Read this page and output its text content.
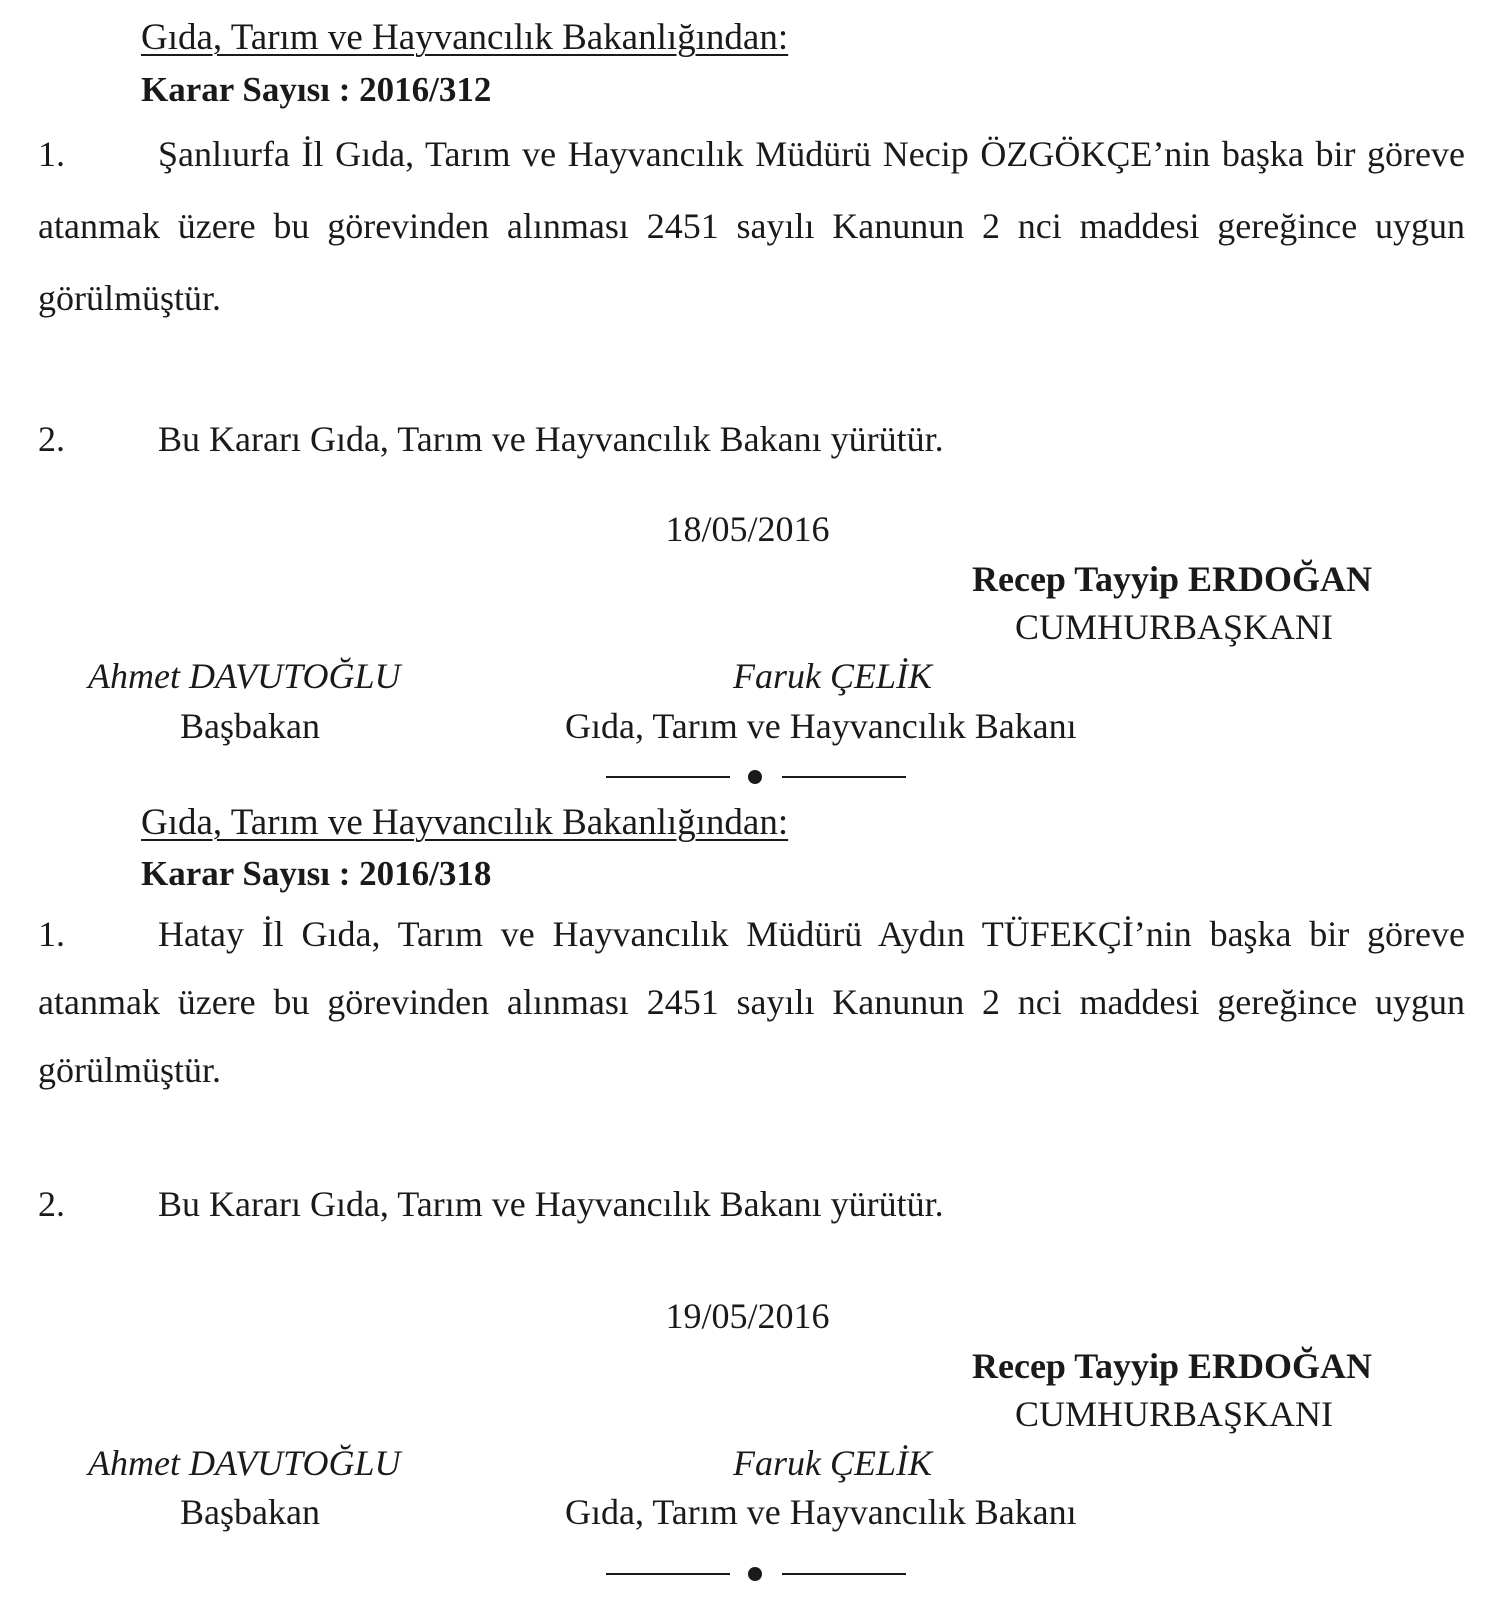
Gıda, Tarım ve Hayvancılık Bakanlığından:
Karar Sayısı : 2016/312
1.	Şanlıurfa İl Gıda, Tarım ve Hayvancılık Müdürü Necip ÖZGÖKÇE’nin başka bir göreve atanmak üzere bu görevinden alınması 2451 sayılı Kanunun 2 nci maddesi gereğince uygun görülmüştür.
2.	Bu Kararı Gıda, Tarım ve Hayvancılık Bakanı yürütür.
18/05/2016
Recep Tayyip ERDOĞAN
CUMHURBAŞKANI
Ahmet DAVUTOĞLU
Başbakan
Faruk ÇELİK
Gıda, Tarım ve Hayvancılık Bakanı
Gıda, Tarım ve Hayvancılık Bakanlığından:
Karar Sayısı : 2016/318
1.	Hatay İl Gıda, Tarım ve Hayvancılık Müdürü Aydın TÜFEKÇİ’nin başka bir göreve atanmak üzere bu görevinden alınması 2451 sayılı Kanunun 2 nci maddesi gereğince uygun görülmüştür.
2.	Bu Kararı Gıda, Tarım ve Hayvancılık Bakanı yürütür.
19/05/2016
Recep Tayyip ERDOĞAN
CUMHURBAŞKANI
Ahmet DAVUTOĞLU
Başbakan
Faruk ÇELİK
Gıda, Tarım ve Hayvancılık Bakanı
